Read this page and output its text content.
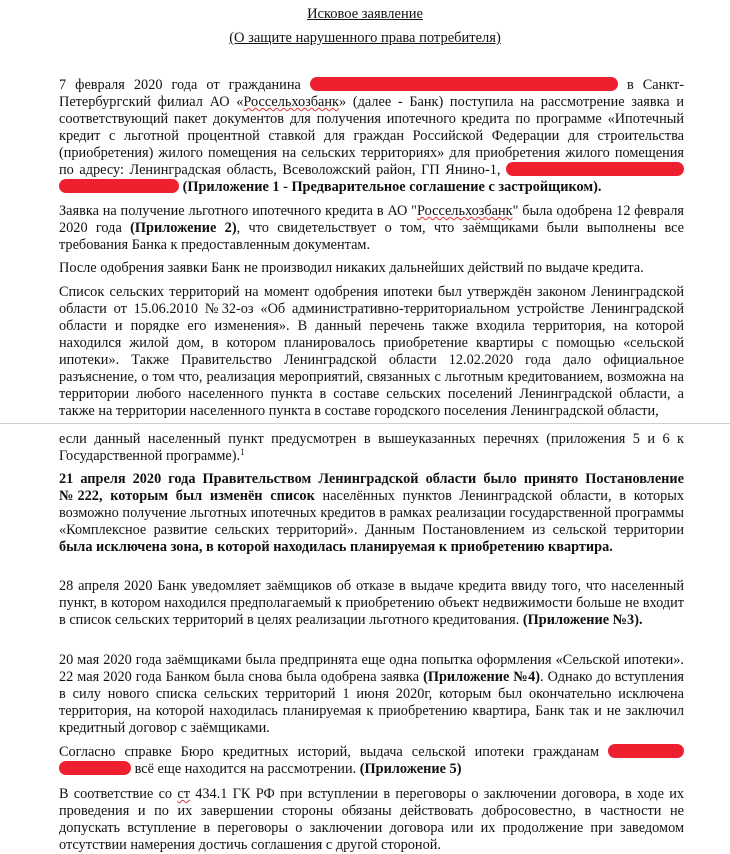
Исковое заявление
(О защите нарушенного права потребителя)
7 февраля 2020 года от гражданина	в Санкт-Петербургский филиал АО «Россельхозбанк» (далее - Банк) поступила на рассмотрение заявка и соответствующий пакет документов для получения ипотечного кредита по программе «Ипотечный кредит с льготной процентной ставкой для граждан Российской Федерации для строительства (приобретения) жилого помещения на сельских территориях» для приобретения жилого помещения по адресу: Ленинградская область, Всеволожский район, ГП Янино-1,   (Приложение 1 - Предварительное соглашение с застройщиком).
Заявка на получение льготного ипотечного кредита в АО "Россельхозбанк" была одобрена 12 февраля 2020 года (Приложение 2), что свидетельствует о том, что заёмщиками были выполнены все требования Банка к предоставленным документам.
После одобрения заявки Банк не производил никаких дальнейших действий по выдаче кредита.
Список сельских территорий на момент одобрения ипотеки был утверждён законом Ленинградской области от 15.06.2010 №32-оз «Об административно-территориальном устройстве Ленинградской области и порядке его изменения». В данный перечень также входила территория, на которой находился жилой дом, в котором планировалось приобретение квартиры с помощью «сельской ипотеки». Также Правительство Ленинградской области 12.02.2020 года дало официальное разъяснение, о том что, реализация мероприятий, связанных с льготным кредитованием, возможна на территории любого населенного пункта в составе сельских поселений Ленинградской области, а также на территории населенного пункта в составе городского поселения Ленинградской области,
если данный населенный пункт предусмотрен в вышеуказанных перечнях (приложения 5 и 6 к Государственной программе).$^1$
21 апреля 2020 года Правительством Ленинградской области было принято Постановление №222, которым был изменён список населённых пунктов Ленинградской области, в которых возможно получение льготных ипотечных кредитов в рамках реализации государственной программы «Комплексное развитие сельских территорий». Данным Постановлением из сельской территории была исключена зона, в которой находилась планируемая к приобретению квартира.
28 апреля 2020 Банк уведомляет заёмщиков об отказе в выдаче кредита ввиду того, что населенный пункт, в котором находился предполагаемый к приобретению объект недвижимости больше не входит в список сельских территорий в целях реализации льготного кредитования. (Приложение №3).
20 мая 2020 года заёмщиками была предпринята еще одна попытка оформления «Сельской ипотеки». 22 мая 2020 года Банком была снова была одобрена заявка (Приложение №4). Однако до вступления в силу нового списка сельских территорий 1 июня 2020г, которым был окончательно исключена территория, на которой находилась планируемая к приобретению квартира, Банк так и не заключил кредитный договор с заёмщиками.
Согласно справке Бюро кредитных историй, выдача сельской ипотеки гражданам   всё еще находится на рассмотрении. (Приложение 5)
В соответствие со ст 434.1 ГК РФ при вступлении в переговоры о заключении договора, в ходе их проведения и по их завершении стороны обязаны действовать добросовестно, в частности не допускать вступление в переговоры о заключении договора или их продолжение при заведомом отсутствии намерения достичь соглашения с другой стороной.
